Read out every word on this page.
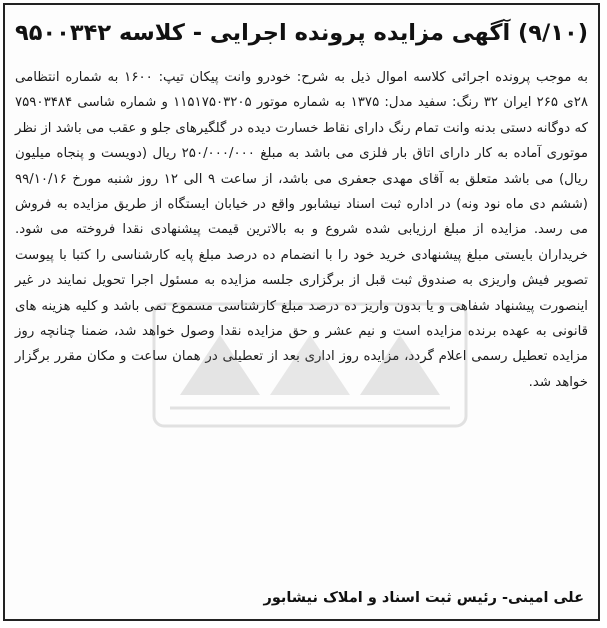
(۹/۱۰) آگهی مزایده پرونده اجرایی - کلاسه ۹۵۰۰۳۴۲
به موجب پرونده اجرائی کلاسه اموال ذیل به شرح: خودرو وانت پیکان تیپ: ۱۶۰۰ به شماره انتظامی ۲۸ی ۲۶۵ ایران ۳۲ رنگ: سفید مدل: ۱۳۷۵ به شماره موتور ۱۱۵۱۷۵۰۳۲۰۵ و شماره شاسی ۷۵۹۰۳۴۸۴ که دوگانه دستی بدنه وانت تمام رنگ دارای نقاط خسارت دیده در گلگیرهای جلو و عقب می باشد از نظر موتوری آماده به کار دارای اتاق بار فلزی می باشد به مبلغ ۲۵۰/۰۰۰/۰۰۰ ریال (دویست و پنجاه میلیون ریال) می باشد متعلق به آقای مهدی جعفری می باشد، از ساعت ۹ الی ۱۲ روز شنبه مورخ ۹۹/۱۰/۱۶ (ششم دی ماه نود ونه) در اداره ثبت اسناد نیشابور واقع در خیابان ایستگاه از طریق مزایده به فروش می رسد. مزایده از مبلغ ارزیابی شده شروع و به بالاترین قیمت پیشنهادی نقدا فروخته می شود. خریداران بایستی مبلغ پیشنهادی خرید خود را با انضمام ده درصد مبلغ پایه کارشناسی را کتبا با پیوست تصویر فیش واریزی به صندوق ثبت قبل از برگزاری جلسه مزایده به مسئول اجرا تحویل نمایند در غیر اینصورت پیشنهاد شفاهی و یا بدون واریز ده درصد مبلغ کارشناسی مسموع نمی باشد و کلیه هزینه های قانونی به عهده برنده مزایده است و نیم عشر و حق مزایده نقدا وصول خواهد شد، ضمنا چنانچه روز مزایده تعطیل رسمی اعلام گردد، مزایده روز اداری بعد از تعطیلی در همان ساعت و مکان مقرر برگزار خواهد شد.
علی امینی- رئیس ثبت اسناد و املاک نیشابور
